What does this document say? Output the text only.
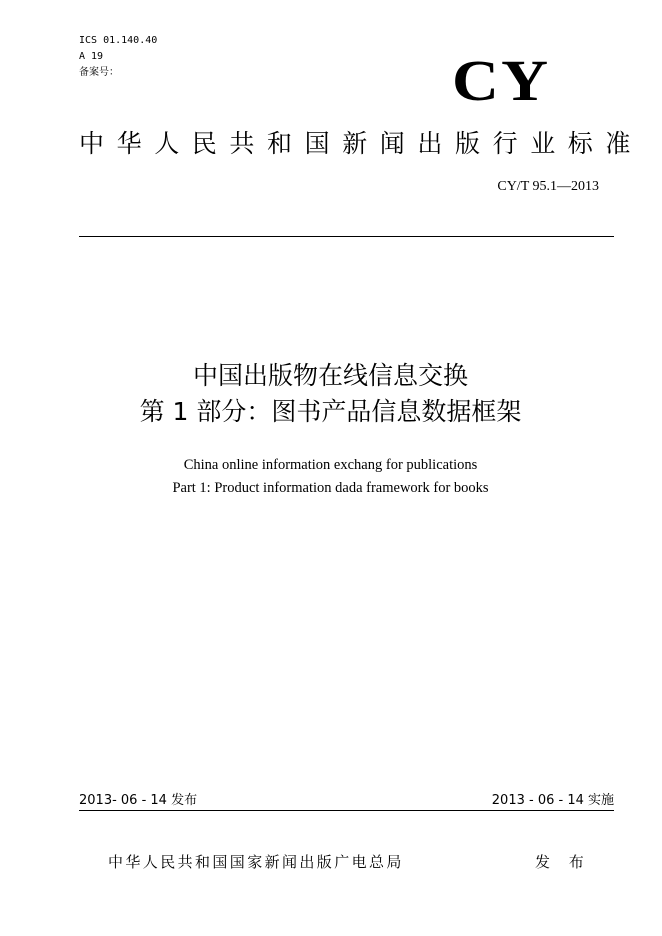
ICS 01.140.40
A 19
备案号：	CY
中华人民共和国新闻出版行业标准
CY/T 95.1—2013
中国出版物在线信息交换
第 1 部分：图书产品信息数据框架
China online information exchang for publications
Part 1: Product information dada framework for books
2013- 06 - 14 发布	2013 - 06 - 14 实施
中华人民共和国国家新闻出版广电总局	发 布
